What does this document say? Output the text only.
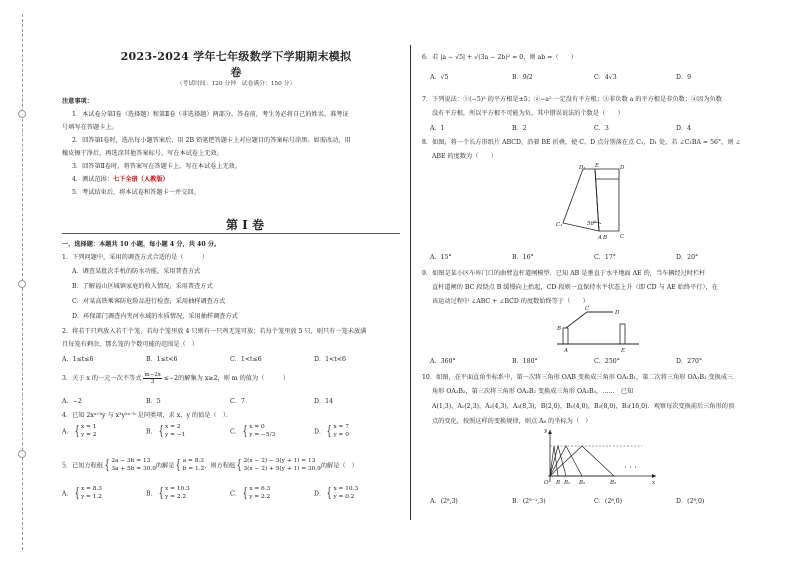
2023-2024 学年七年级数学下学期期末模拟卷
（考试时间：120 分钟　试卷满分：150 分）
注意事项：
1．本试卷分第Ⅰ卷（选择题）和第Ⅱ卷（非选择题）两部分。答卷前，考生务必将自己的姓名、准考证
号填写在答题卡上。
2．回答第Ⅰ卷时，选出每小题答案后，用 2B 铅笔把答题卡上对应题目的答案标号涂黑。如需改动，用
橡皮擦干净后，再选涂其他答案标号。写在本试卷上无效。
3．回答第Ⅱ卷时，将答案写在答题卡上。写在本试卷上无效。
4．测试范围：七下全册（人教版）
5．考试结束后，将本试卷和答题卡一并交回。
第 I 卷
一、选择题：本题共 10 小题，每小题 4 分，共 40 分。
1．下列问题中，采用的调查方式合适的是（　　　）
A．调查某批次手机的防水功能，采用普查方式
B．了解福山区城镇家庭的收入情况，采用普查方式
C．对某高铁乘客防危险品进行检查，采用抽样调查方式
D．环保部门调查内夹河水域的水质情况，采用抽样调查方式
2．将若干只鸡放入若干个笼，若每个笼里放 4 只则有一只鸡无笼可放；若每个笼里放 5 只，则只有一笼未放满
且每笼有剩余，那么笼的个数可能的范围是（　）
A．1≤t≤6	B．1≤t<6	C．1<t≤6	D．1<t<6
3．关于 x 的一元一次不等式 $\frac{m-2x}{3} \le-2$的解集为 x≥2，则 m 的值为（　　　）
A．−2	B．5	C．7	D．14
4．已知 2xᵃ⁺ᵇy 与 x³y²ᵃ⁻ᵇ 是同类项，求 x，y 的值是（　）．
A． { x = 1
y = 2	B． { x = 2
y = −1	C． { x = 0
y = −5/3	D． { x = 7
y = 0
5．已知方程组 { 2a − 3b = 13
3a + 5b = 30.9 的解是 { a = 8.3
b = 1.2 ，则方程组 { 2(x − 2) − 3(y + 1) = 13
3(x − 2) + 5(y + 1) = 30.9 的解是（　）
A． { x = 8.3
y = 1.2	B． { x = 10.3
y = 2.2	C． { x = 6.3
y = 2.2	D． { x = 10.3
y = 0.2
6．若 |a − √5| + √(3a − 2b)² = 0，则 ab =（　　）
A．√5	B．9/2	C．4√3	D．9
7．下列说法：①(−5)² 的平方根是±5；②−a² 一定没有平方根；③非负数 a 的平方根是非负数；④因为负数
没有平方根，所以平方根不可能为负，其中错误说法的个数是（　　）
A．1	B．2	C．3	D．4
8．如图，将一个长方形纸片 ABCD，沿着 BE 折叠，使 C、D 点分别落在点 C₁，D₁ 处，若 ∠C₁BA = 56°，则 ∠
ABE 的度数为（　　）
56°
D₁ E	D
A
C₁
B C
A．15°	B．16°	C．17°	D．20°
9．如图是某小区车库门口的曲臂直杆道闸模型．已知 AB 是垂直于水平地面 AE 的，当车辆经过时栏杆
直杆道闸的 BC 段绕点 B 缓慢向上抬起，CD 段则一直保持水平状态上升（即 CD 与 AE 始终平行），在
该运动过程中 ∠ABC + ∠BCD 的度数始终等于（　　）
B
C
D
A	E
A．360°	B．180°	C．250°	D．270°
10．如图，在平面直角坐标系中，第一次将三角形 OAB 变换成三角形 OA₁B₁，第二次将三角形 OA₁B₁ 变换成三
角形 OA₂B₂，第三次将三角形 OA₂B₂ 变换成三角形 OA₃B₃，……　已知
A(1,3)，A₁(2,3)，A₂(4,3)，A₃(8,3)，B(2,0)，B₁(4,0)，B₂(8,0)，B₃(16,0)．观察每次变换前后三角形的顶
点的变化，按照这样的变换规律，则点 A₈ 的坐标为（　）
· · ·
y
O B B₁ B₂	B₃	x
A．(2⁸,3)	B．(2⁸⁻¹,3)	C．(2⁸,0)	D．(2⁸,0)
